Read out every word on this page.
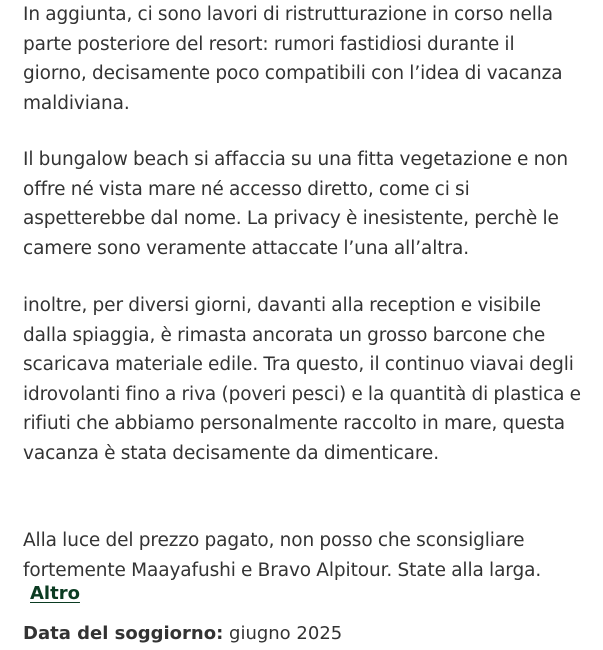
In aggiunta, ci sono lavori di ristrutturazione in corso nella parte posteriore del resort: rumori fastidiosi durante il giorno, decisamente poco compatibili con l’idea di vacanza maldiviana.

Il bungalow beach si affaccia su una fitta vegetazione e non offre né vista mare né accesso diretto, come ci si aspetterebbe dal nome. La privacy è inesistente, perchè le camere sono veramente attaccate l’una all’altra.

inoltre, per diversi giorni, davanti alla reception e visibile dalla spiaggia, è rimasta ancorata un grosso barcone che scaricava materiale edile. Tra questo, il continuo viavai degli idrovolanti fino a riva (poveri pesci) e la quantità di plastica e rifiuti che abbiamo personalmente raccolto in mare, questa vacanza è stata decisamente da dimenticare.

Alla luce del prezzo pagato, non posso che sconsigliare fortemente Maayafushi e Bravo Alpitour. State alla larga.

Altro
Data del soggiorno: giugno 2025
